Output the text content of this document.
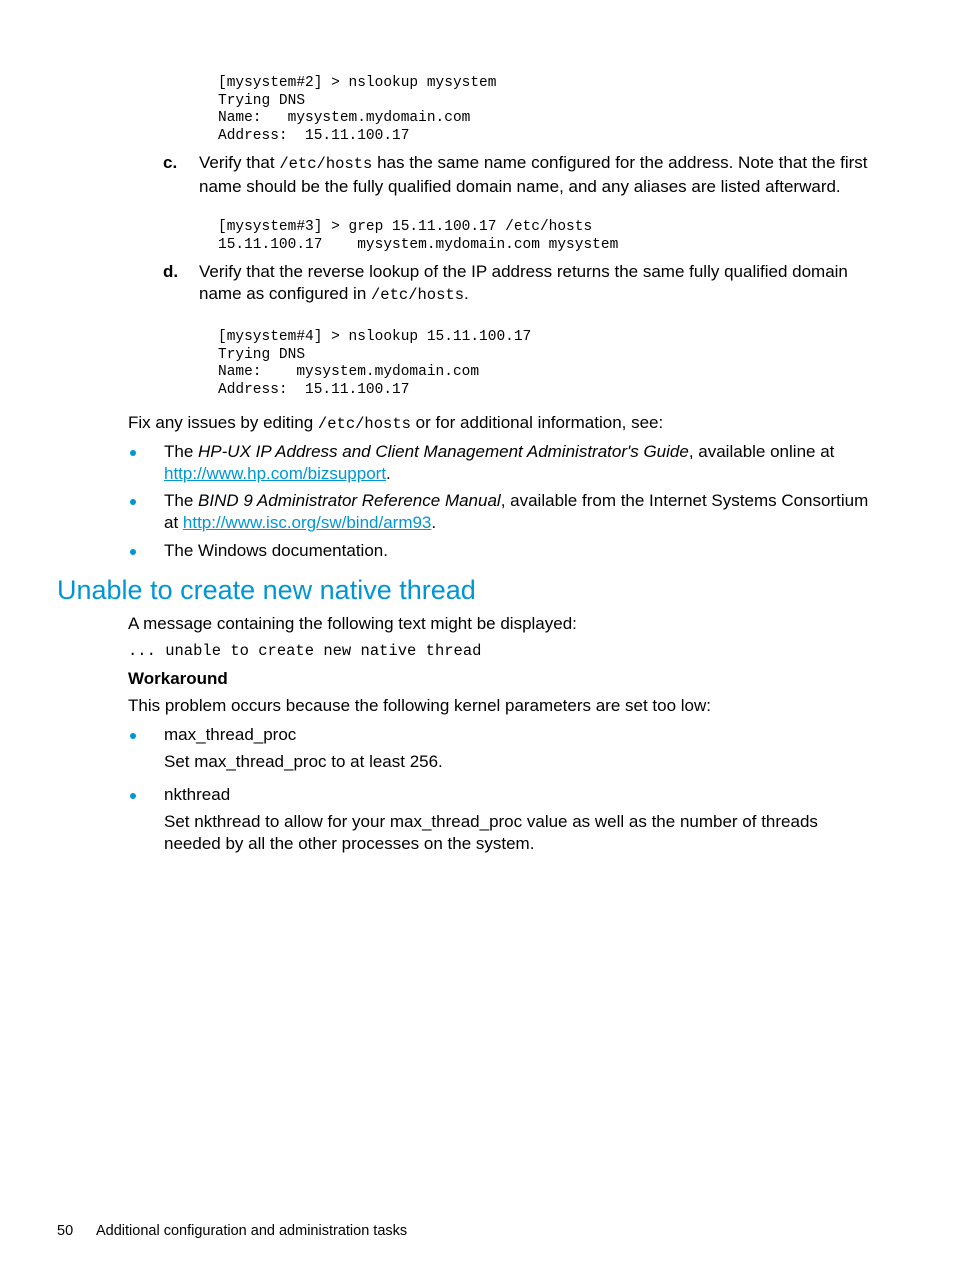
[mysystem#2] > nslookup mysystem
Trying DNS
Name:   mysystem.mydomain.com
Address:  15.11.100.17
c. Verify that /etc/hosts has the same name configured for the address. Note that the first name should be the fully qualified domain name, and any aliases are listed afterward.
[mysystem#3] > grep 15.11.100.17 /etc/hosts
15.11.100.17    mysystem.mydomain.com mysystem
d. Verify that the reverse lookup of the IP address returns the same fully qualified domain name as configured in /etc/hosts.
[mysystem#4] > nslookup 15.11.100.17
Trying DNS
Name:    mysystem.mydomain.com
Address:  15.11.100.17
Fix any issues by editing /etc/hosts or for additional information, see:
The HP-UX IP Address and Client Management Administrator's Guide, available online at http://www.hp.com/bizsupport.
The BIND 9 Administrator Reference Manual, available from the Internet Systems Consortium at http://www.isc.org/sw/bind/arm93.
The Windows documentation.
Unable to create new native thread
A message containing the following text might be displayed:
... unable to create new native thread
Workaround
This problem occurs because the following kernel parameters are set too low:
max_thread_proc
Set max_thread_proc to at least 256.
nkthread
Set nkthread to allow for your max_thread_proc value as well as the number of threads needed by all the other processes on the system.
50 Additional configuration and administration tasks
